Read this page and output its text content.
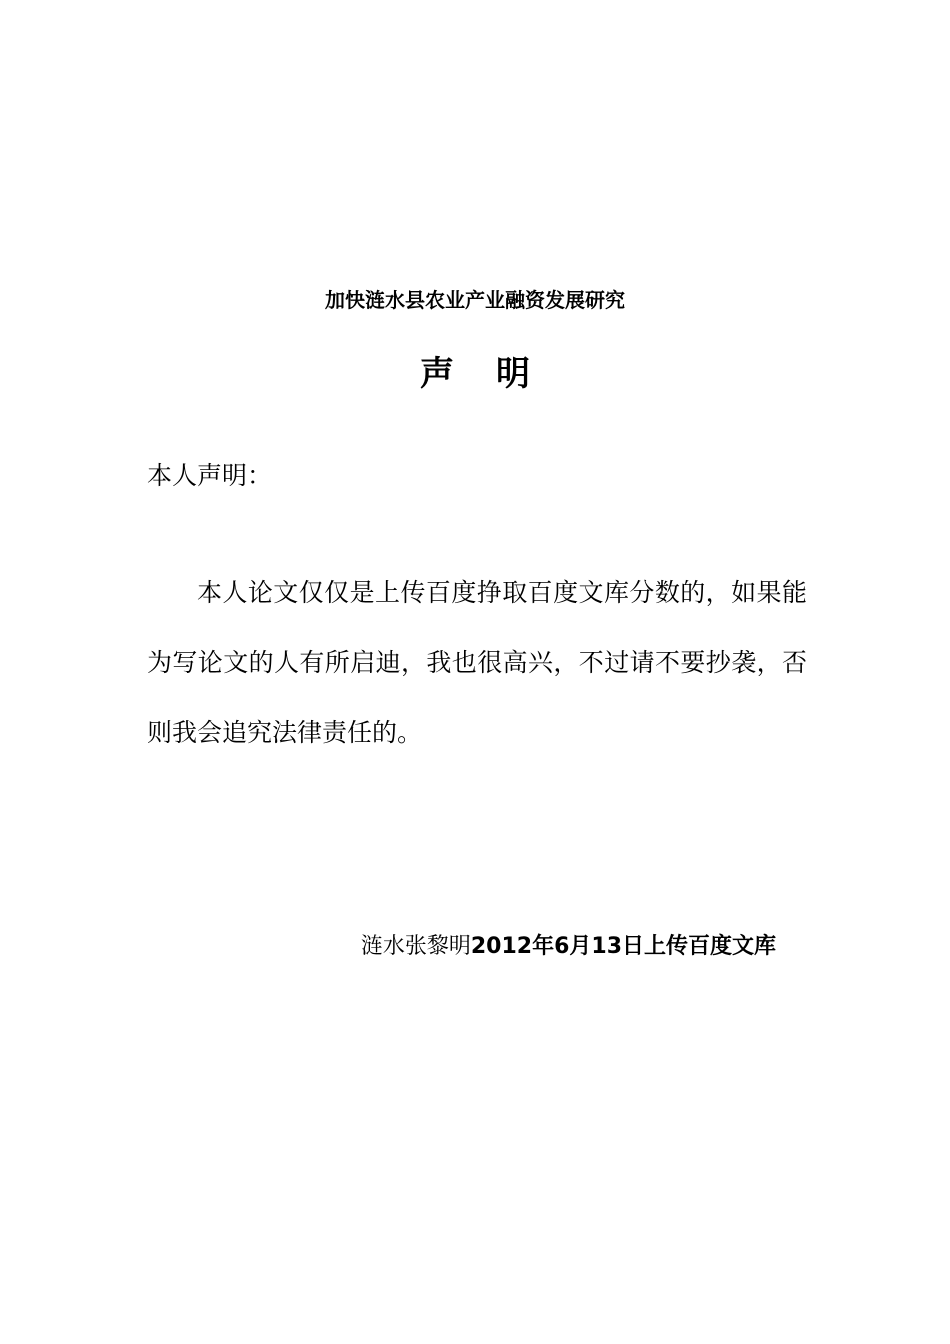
加快涟水县农业产业融资发展研究
声明
本人声明：

本人论文仅仅是上传百度挣取百度文库分数的，如果能为写论文的人有所启迪，我也很高兴，不过请不要抄袭，否则我会追究法律责任的。

涟水张黎明2012年6月13日上传百度文库
